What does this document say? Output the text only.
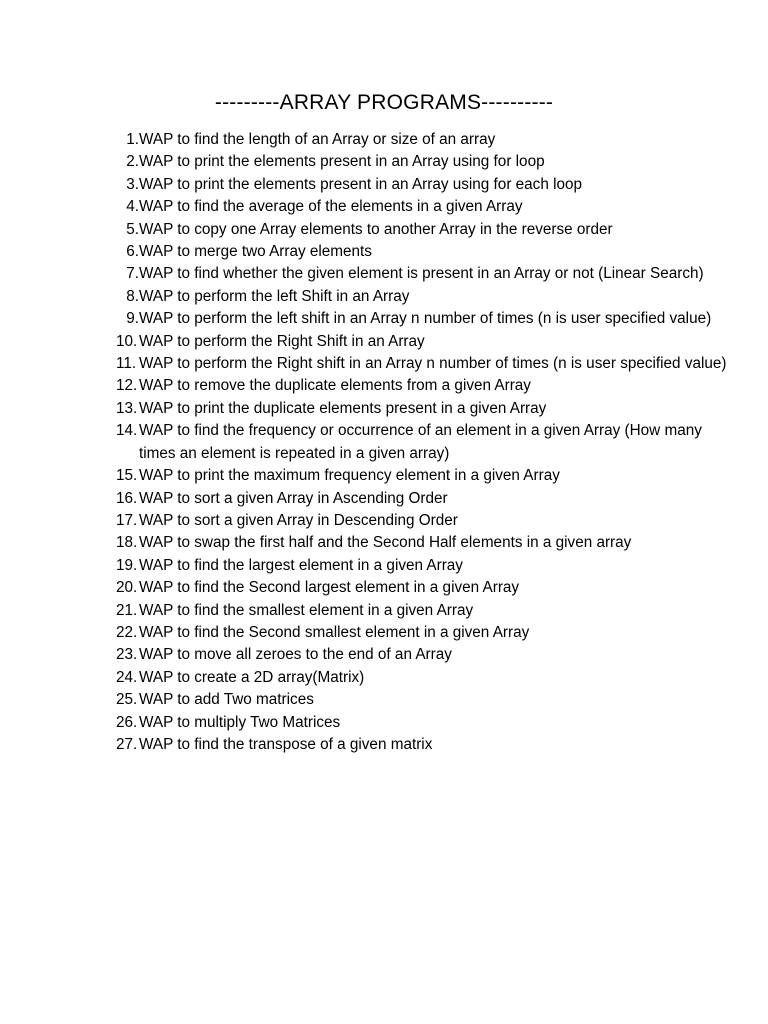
---------ARRAY PROGRAMS----------
1. WAP to find the length of an Array or size of an array
2. WAP to print the elements present in an Array using for loop
3. WAP to print the elements present in an Array using for each loop
4. WAP to find the average of the elements in a given Array
5. WAP to copy one Array elements to another Array in the reverse order
6. WAP to merge two Array elements
7. WAP to find whether the given element is present in an Array or not (Linear Search)
8. WAP to perform the left Shift in an Array
9. WAP to perform the left shift in an Array n number of times (n is user specified value)
10. WAP to perform the Right Shift in an Array
11. WAP to perform the Right shift in an Array n number of times (n is user specified value)
12. WAP to remove the duplicate elements from a given Array
13. WAP to print the duplicate elements present in a given Array
14. WAP to find the frequency or occurrence of an element in a given Array (How many times an element is repeated in a given array)
15. WAP to print the maximum frequency element in a given Array
16. WAP to sort a given Array in Ascending Order
17. WAP to sort a given Array in Descending Order
18. WAP to swap the first half and the Second Half elements in a given array
19. WAP to find the largest element in a given Array
20. WAP to find the Second largest element in a given Array
21. WAP to find the smallest element in a given Array
22. WAP to find the Second smallest element in a given Array
23. WAP to move all zeroes to the end of an Array
24. WAP to create a 2D array(Matrix)
25. WAP to add Two matrices
26. WAP to multiply Two Matrices
27. WAP to find the transpose of a given matrix
